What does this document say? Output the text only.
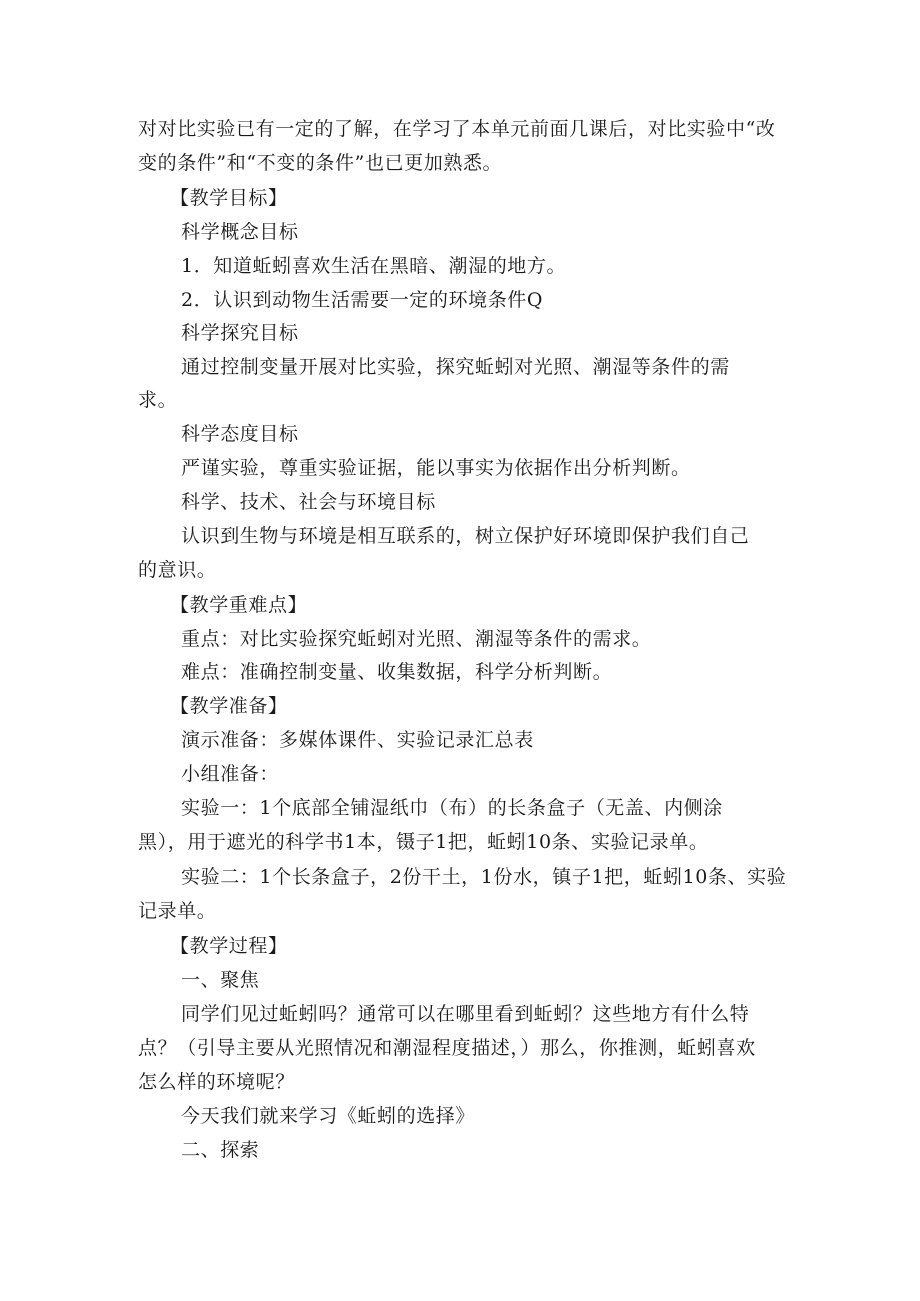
对对比实验已有一定的了解，在学习了本单元前面几课后，对比实验中“改
变的条件”和“不变的条件”也已更加熟悉。
【教学目标】
科学概念目标
1．知道蚯蚓喜欢生活在黑暗、潮湿的地方。
2．认识到动物生活需要一定的环境条件Q
科学探究目标
通过控制变量开展对比实验，探究蚯蚓对光照、潮湿等条件的需
求。
科学态度目标
严谨实验，尊重实验证据，能以事实为依据作出分析判断。
科学、技术、社会与环境目标
认识到生物与环境是相互联系的，树立保护好环境即保护我们自己
的意识。
【教学重难点】
重点：对比实验探究蚯蚓对光照、潮湿等条件的需求。
难点：准确控制变量、收集数据，科学分析判断。
【教学准备】
演示准备：多媒体课件、实验记录汇总表
小组准备：
实验一：1个底部全铺湿纸巾（布）的长条盒子（无盖、内侧涂
黑），用于遮光的科学书1本，镊子1把，蚯蚓10条、实验记录单。
实验二：1个长条盒子，2份干土，1份水，镇子1把，蚯蚓10条、实验
记录单。
【教学过程】
一、聚焦
同学们见过蚯蚓吗？通常可以在哪里看到蚯蚓？这些地方有什么特
点？（引导主要从光照情况和潮湿程度描述，）那么，你推测，蚯蚓喜欢
怎么样的环境呢？
今天我们就来学习《蚯蚓的选择》
二、探索
